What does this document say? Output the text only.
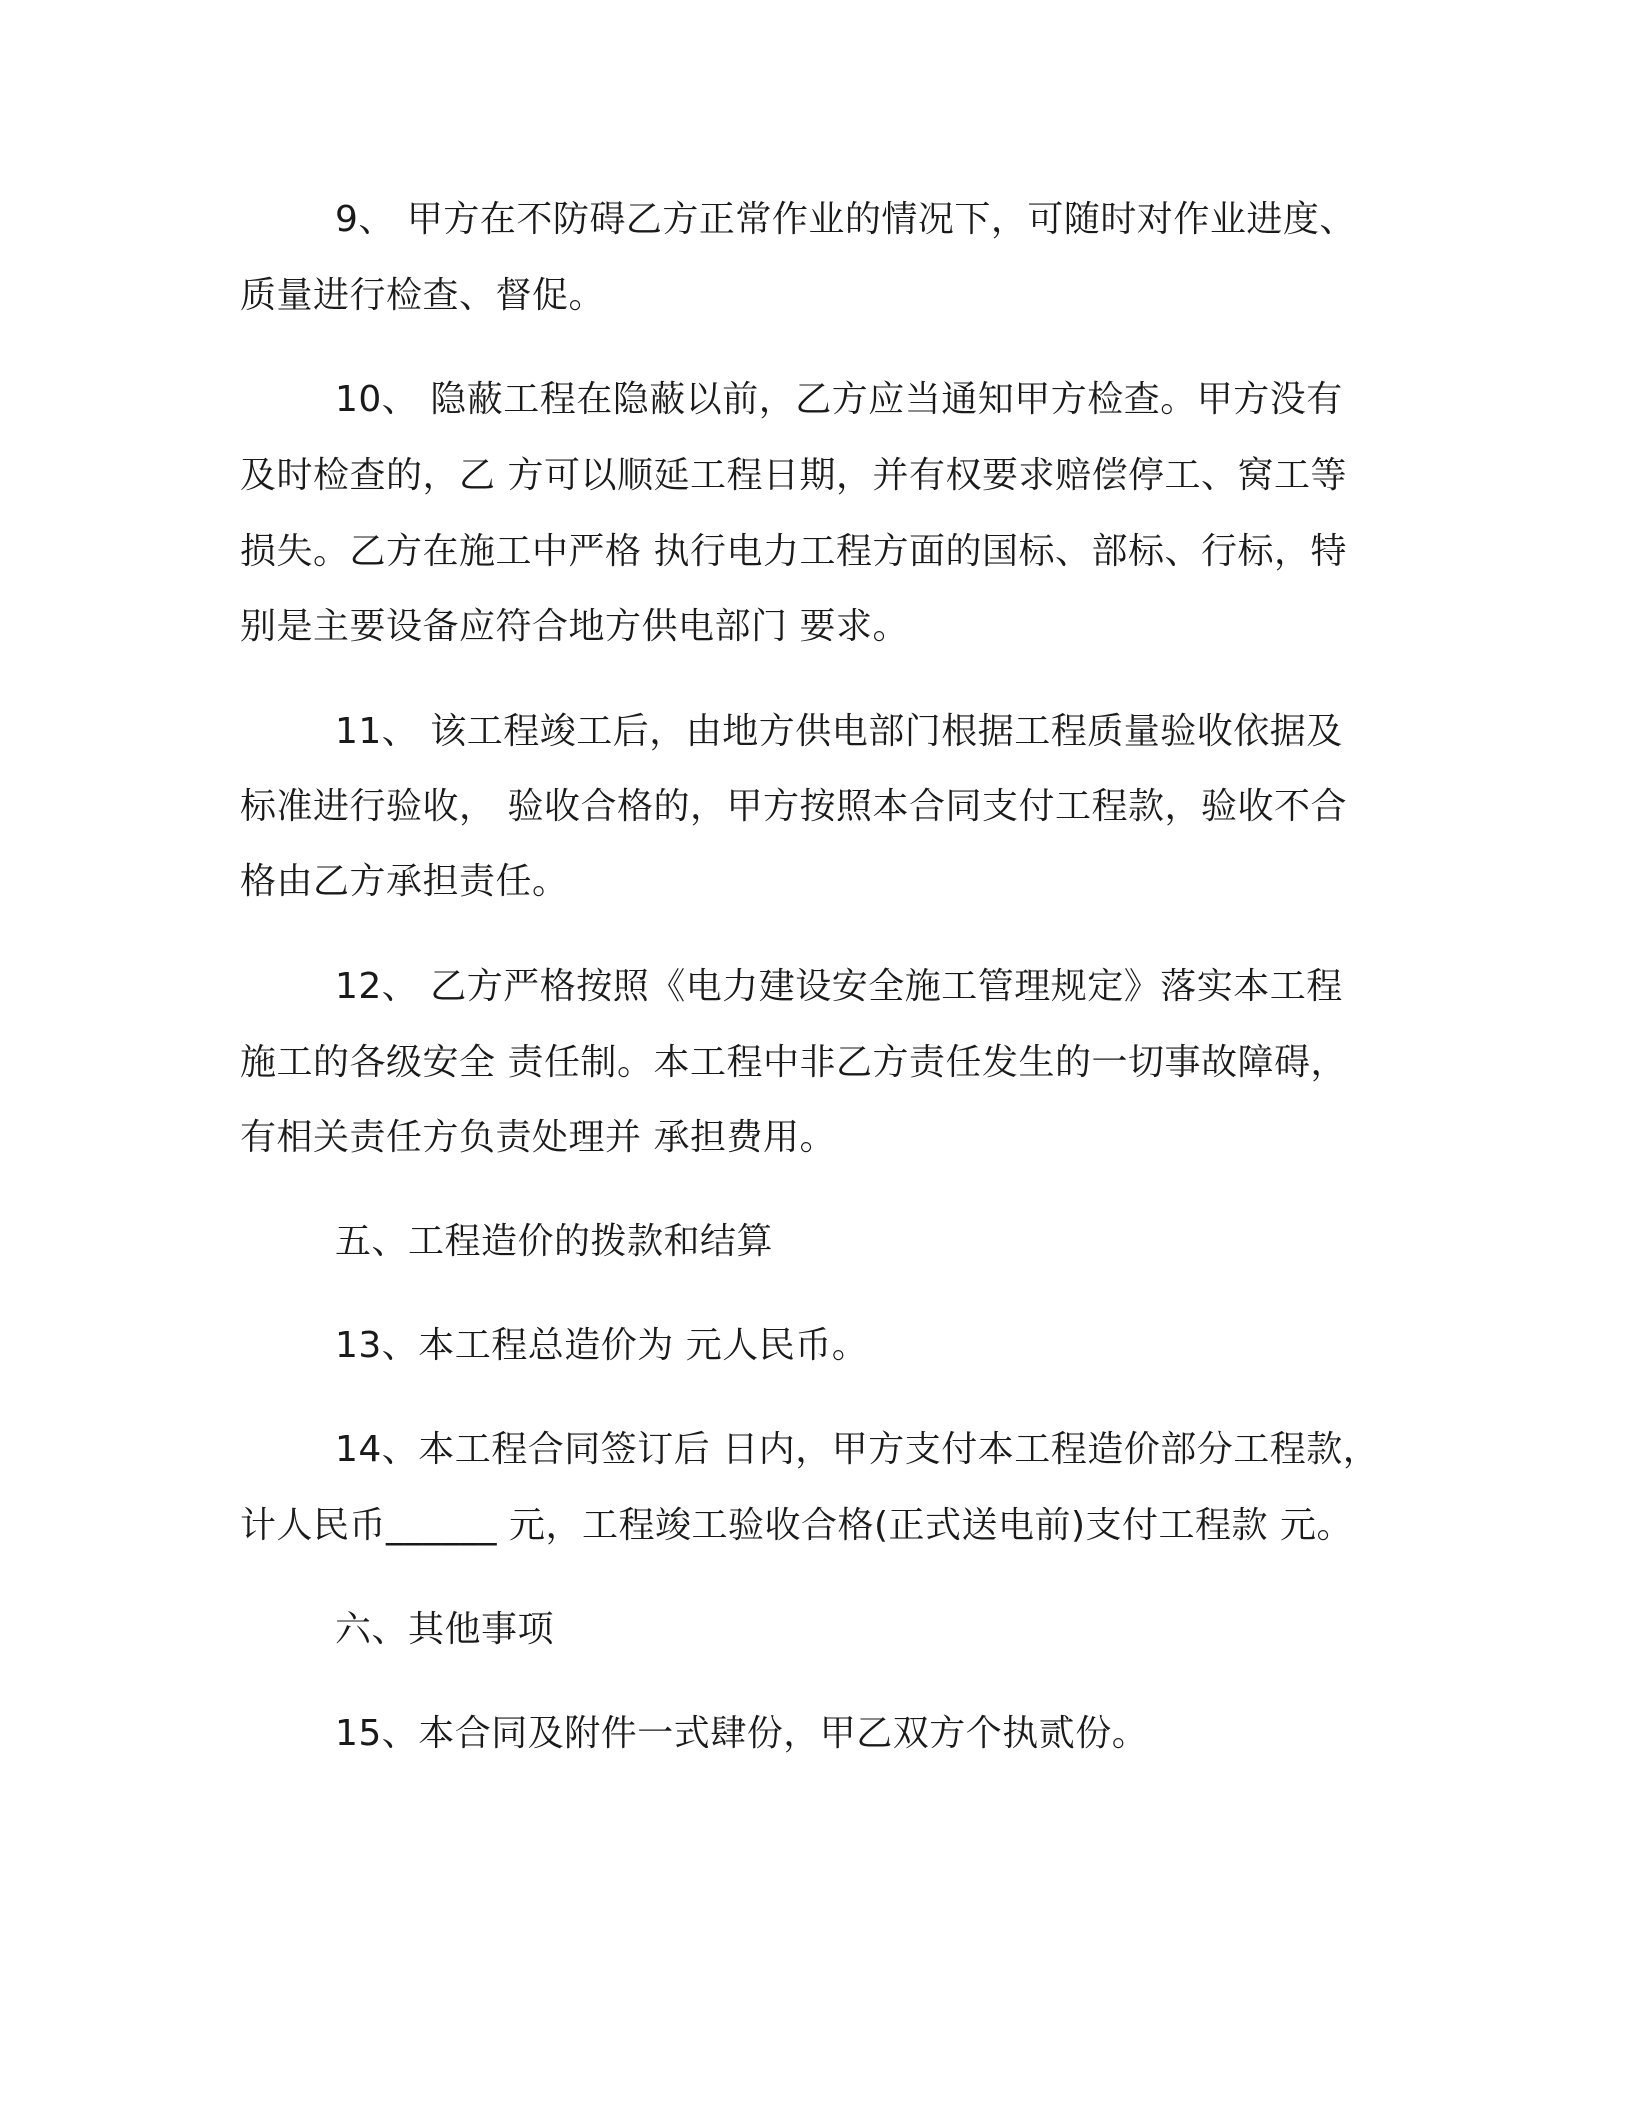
9、 甲方在不防碍乙方正常作业的情况下，可随时对作业进度、
质量进行检查、督促。
10、 隐蔽工程在隐蔽以前，乙方应当通知甲方检查。甲方没有
及时检查的，乙 方可以顺延工程日期，并有权要求赔偿停工、窝工等
损失。乙方在施工中严格 执行电力工程方面的国标、部标、行标，特
别是主要设备应符合地方供电部门 要求。
11、 该工程竣工后，由地方供电部门根据工程质量验收依据及
标准进行验收， 验收合格的，甲方按照本合同支付工程款，验收不合
格由乙方承担责任。
12、 乙方严格按照《电力建设安全施工管理规定》落实本工程
施工的各级安全 责任制。本工程中非乙方责任发生的一切事故障碍，
有相关责任方负责处理并 承担费用。
五、工程造价的拨款和结算
13、本工程总造价为 元人民币。
14、本工程合同签订后 日内，甲方支付本工程造价部分工程款，
计人民币______ 元，工程竣工验收合格(正式送电前)支付工程款 元。
六、其他事项
15、本合同及附件一式肆份，甲乙双方个执贰份。
